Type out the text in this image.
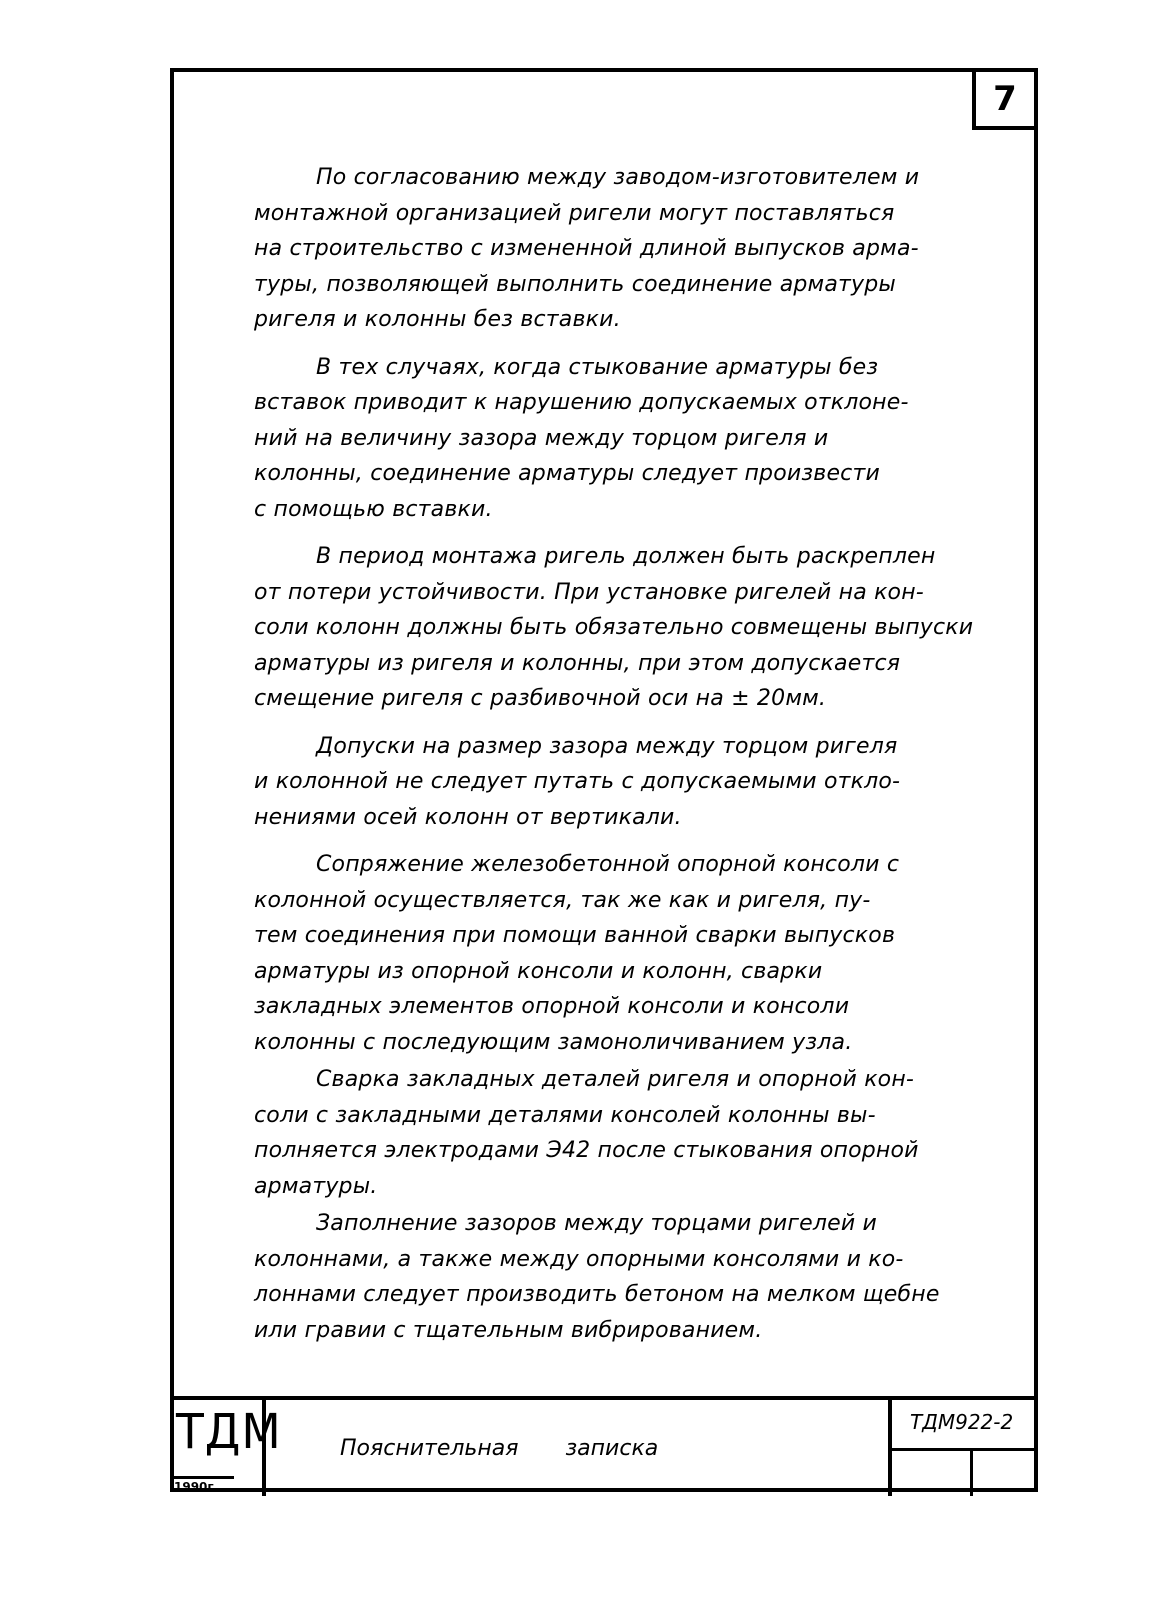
7
По согласованию между заводом-изготовителем и
монтажной организацией ригели могут поставляться
на строительство с измененной длиной выпусков арма-
туры, позволяющей выполнить соединение арматуры
ригеля и колонны без вставки.
В тех случаях, когда стыкование арматуры без
вставок приводит к нарушению допускаемых отклоне-
ний на величину зазора между торцом ригеля и
колонны, соединение арматуры следует произвести
с помощью вставки.
В период монтажа ригель должен быть раскреплен
от потери устойчивости. При установке ригелей на кон-
соли колонн должны быть обязательно совмещены выпуски
арматуры из ригеля и колонны, при этом допускается
смещение ригеля с разбивочной оси на ± 20мм.
Допуски на размер зазора между торцом ригеля
и колонной не следует путать с допускаемыми откло-
нениями осей колонн от вертикали.
Сопряжение железобетонной опорной консоли с
колонной осуществляется, так же как и ригеля, пу-
тем соединения при помощи ванной сварки выпусков
арматуры из опорной консоли и колонн, сварки
закладных элементов опорной консоли и консоли
колонны с последующим замоноличиванием узла.
Сварка закладных деталей ригеля и опорной кон-
соли с закладными деталями консолей колонны вы-
полняется электродами Э42 после стыкования опорной
арматуры.
Заполнение зазоров между торцами ригелей и
колоннами, а также между опорными консолями и ко-
лоннами следует производить бетоном на мелком щебне
или гравии с тщательным вибрированием.
ТДМ
1990г
Пояснительная записка
ТДМ922-2
